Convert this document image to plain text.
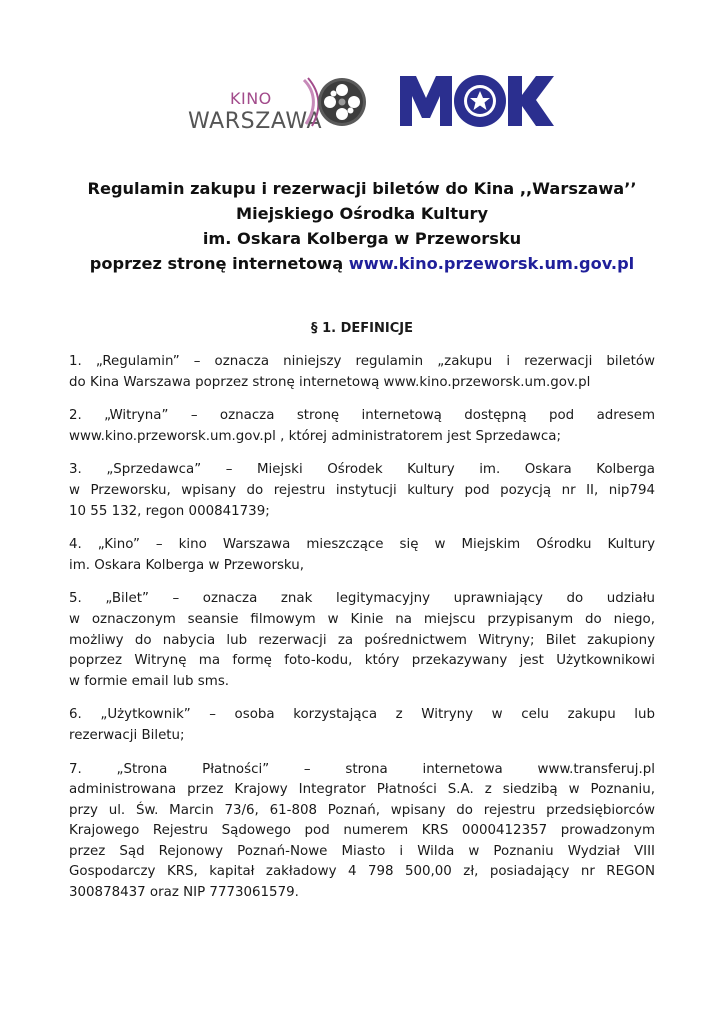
KINO
WARSZAWA
Regulamin zakupu i rezerwacji biletów do Kina ,,Warszawa’’
Miejskiego Ośrodka Kultury
im. Oskara Kolberga w Przeworsku
poprzez stronę internetową www.kino.przeworsk.um.gov.pl
§ 1. DEFINICJE
1. „Regulamin” – oznacza niniejszy regulamin „zakupu i rezerwacji biletów
do Kina Warszawa poprzez stronę internetową www.kino.przeworsk.um.gov.pl
2. „Witryna” – oznacza stronę internetową dostępną pod adresem
www.kino.przeworsk.um.gov.pl , której administratorem jest Sprzedawca;
3. „Sprzedawca” – Miejski Ośrodek Kultury im. Oskara Kolberga
w Przeworsku, wpisany do rejestru instytucji kultury pod pozycją nr II, nip794
10 55 132, regon 000841739;
4. „Kino” – kino Warszawa mieszczące się w Miejskim Ośrodku Kultury
im. Oskara Kolberga w Przeworsku,
5. „Bilet” – oznacza znak legitymacyjny uprawniający do udziału
w oznaczonym seansie filmowym w Kinie na miejscu przypisanym do niego,
możliwy do nabycia lub rezerwacji za pośrednictwem Witryny; Bilet zakupiony
poprzez Witrynę ma formę foto-kodu, który przekazywany jest Użytkownikowi
w formie email lub sms.
6. „Użytkownik” – osoba korzystająca z Witryny w celu zakupu lub
rezerwacji Biletu;
7. „Strona Płatności” – strona internetowa www.transferuj.pl
administrowana przez Krajowy Integrator Płatności S.A. z siedzibą w Poznaniu,
przy ul. Św. Marcin 73/6, 61-808 Poznań, wpisany do rejestru przedsiębiorców
Krajowego Rejestru Sądowego pod numerem KRS 0000412357 prowadzonym
przez Sąd Rejonowy Poznań-Nowe Miasto i Wilda w Poznaniu Wydział VIII
Gospodarczy KRS, kapitał zakładowy 4 798 500,00 zł, posiadający nr REGON
300878437 oraz NIP 7773061579.
